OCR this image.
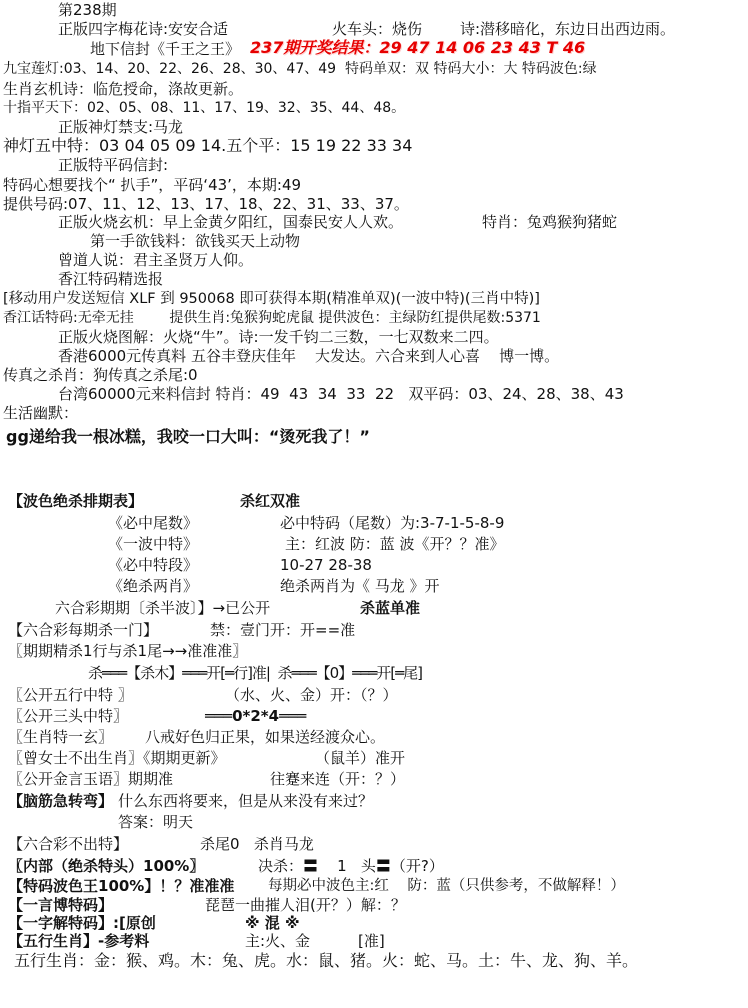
第238期
正版四字梅花诗:安安合适	火车头：烧伤	诗:潜移暗化，东边日出西边雨。
地下信封《千王之王》 237期开奖结果：29 47 14 06 23 43 T 46
九宝莲灯:03、14、20、22、26、28、30、47、49 特码单双：双 特码大小：大 特码波色:绿
生肖玄机诗：临危授命，涤故更新。
十指平天下：02、05、08、11、17、19、32、35、44、48。
正版神灯禁支:马龙
神灯五中特：03 04 05 09 14.五个平：15 19 22 33 34
正版特平码信封:
特码心想要找个“ 扒手”，平码‘43’，本期:49
提供号码:07、11、12、13、17、18、22、31、33、37。
正版火烧玄机：早上金黄夕阳红，国泰民安人人欢。	特肖：兔鸡猴狗猪蛇
第一手欲钱料：欲钱买天上动物
曾道人说：君主圣贤万人仰。
香江特码精选报
[移动用户发送短信 XLF 到 950068 即可获得本期(精准单双)(一波中特)(三肖中特)]
香江话特码:无牵无挂        提供生肖:兔猴狗蛇虎鼠 提供波色：主绿防红提供尾数:5371
正版火烧图解：火烧“牛”。诗:一发千钧二三数，一七双数来二四。
香港6000元传真料 五谷丰登庆佳年    大发达。六合来到人心喜    博一博。
传真之杀肖：狗传真之杀尾:0
台湾60000元来料信封 特肖：49  43  34  33  22   双平码：03、24、28、38、43
生活幽默：
gg递给我一根冰糕，我咬一口大叫：“烫死我了！”
【波色绝杀排期表】	杀红双准
《必中尾数》	必中特码（尾数）为:3-7-1-5-8-9
《一波中特》	主：红波 防：蓝 波《开？？准》
《必中特段》	10-27 28-38
《绝杀两肖》	绝杀两肖为《 马龙 》开
六合彩期期〔杀半波〕】→已公开	杀蓝单准
【六合彩每期杀一门】	禁：壹门开：开==准
〖期期精杀1行与杀1尾→→准准准〗
杀═══【杀木】═══开[═行]准|  杀═══【0】═══开[═尾]
〖公开五行中特 〗	（水、火、金）开：（？）
〖公开三头中特〗	═══0*2*4═══
〖生肖特一玄〗 八戒好色归正果，如果送经渡众心。
〖曾女士不出生肖〗《期期更新》	（鼠羊）准开
〖公开金言玉语〗期期准	往蹇来连（开：？）
【脑筋急转弯】 什么东西将要来，但是从来没有来过？
答案：明天
【六合彩不出特】	杀尾0   杀肖马龙
〖内部（绝杀特头）100%〗	决杀：〓    1   头〓（开?）
【特码波色王100%】！？准准准 每期必中波色主:红    防：蓝（只供参考，不做解释！）
【一言博特码】	琵琶一曲摧人泪(开？）解：？
【一字解特码】:[原创	※ 混 ※
【五行生肖】-参考料	主:火、金	[准]
五行生肖：金：猴、鸡。木：兔、虎。水：鼠、猪。火：蛇、马。土：牛、龙、狗、羊。
